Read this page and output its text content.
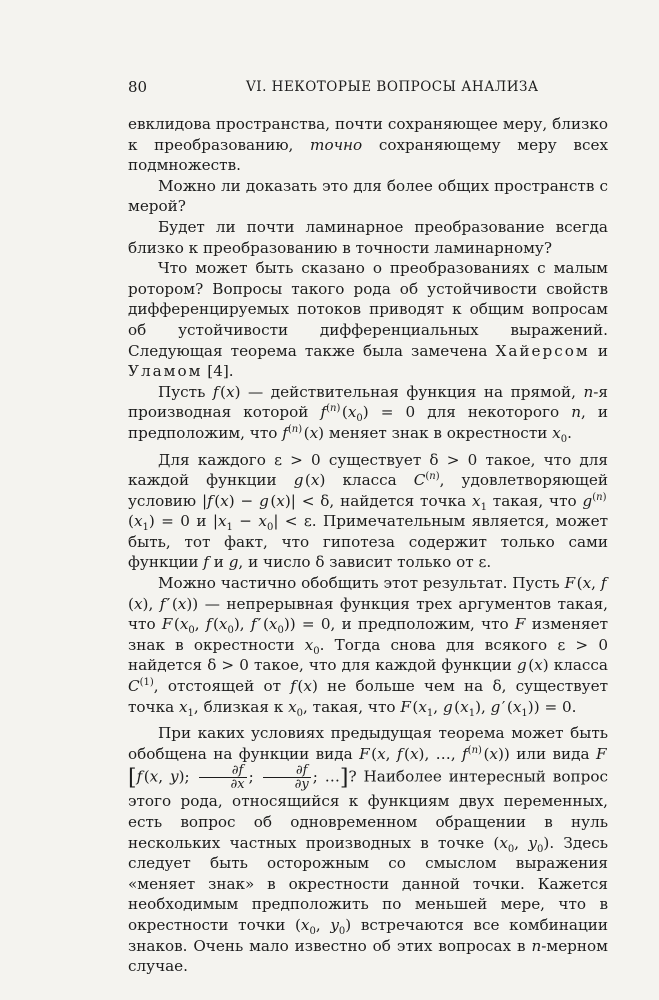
80	VI. НЕКОТОРЫЕ ВОПРОСЫ АНАЛИЗА

евклидова пространства, почти сохраняющее меру, близко к преобразованию, точно сохраняющему меру всех подмножеств.

Можно ли доказать это для более общих пространств с мерой?

Будет ли почти ламинарное преобразование всегда близко к преобразованию в точности ламинарному?

Что может быть сказано о преобразованиях с малым ротором? Вопросы такого рода об устойчивости свойств дифференцируемых потоков приводят к общим вопросам об устойчивости дифференциальных выражений. Следующая теорема также была замечена Хайерсом и Уламом [4].

Пусть f (x) — действительная функция на прямой, n-я производная которой $f^{(n)}$ $(x_0) = 0$ для некоторого n, и предположим, что $f^{(n)}$ (x) меняет знак в окрестности $x_0$.

Для каждого ε > 0 существует δ > 0 такое, что для каждой функции g (x) класса $C^{(n)}$, удовлетворяющей условию |f (x) − g (x)| < δ, найдется точка $x_1$ такая, что $g^{(n)}$ $(x_1) = 0$ и $|x_1 - x_0| < \varepsilon$. Примечательным является, может быть, тот факт, что гипотеза содержит только сами функции f и g, и число δ зависит только от ε.

Можно частично обобщить этот результат. Пусть F (x, f (x), f ′ (x)) — непрерывная функция трех аргументов такая, что F ($x_0$, f $(x_0)$, f ′ $(x_0)) = 0$, и предположим, что F изменяет знак в окрестности $x_0$. Тогда снова для всякого ε > 0 найдется δ > 0 такое, что для каждой функции g (x) класса $C^{(1)}$, отстоящей от f (x) не больше чем на δ, существует точка $x_1$, близкая к $x_0$, такая, что F ($x_1$, g $(x_1)$, g ′ $(x_1)) = 0$.

При каких условиях предыдущая теорема может быть обобщена на функции вида F (x, f (x), …, $f^{(n)}$ (x)) или вида F [f (x, y); $\frac{\partial f}{\partial x}$ ; $\frac{\partial f}{\partial y}$ ; …]? Наиболее интересный вопрос этого рода, относящийся к функциям двух переменных, есть вопрос об одновременном обращении в нуль нескольких частных производных в точке ($x_0$, $y_0$). Здесь следует быть осторожным со смыслом выражения «меняет знак» в окрестности данной точки. Кажется необходимым предположить по меньшей мере, что в окрестности точки ($x_0$, $y_0$) встречаются все комбинации знаков. Очень мало известно об этих вопросах в n-мерном случае.
